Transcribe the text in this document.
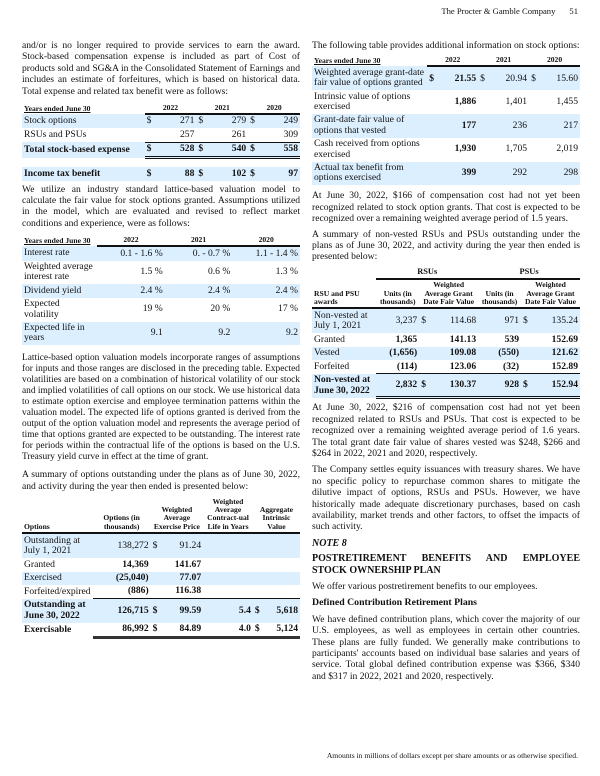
The Procter & Gamble Company 51

and/or is no longer required to provide services to earn the award. Stock-based compensation expense is included as part of Cost of products sold and SG&A in the Consolidated Statement of Earnings and includes an estimate of forfeitures, which is based on historical data. Total expense and related tax benefit were as follows:

Years ended June 30	2022	2021	2020
Stock options	$ 271	$ 279	$ 249

RSUs and PSUs	257	261	309
Total stock-based expense	$ 528	$ 540	$ 558

Income tax benefit	$ 88	$ 102	$ 97

We utilize an industry standard lattice-based valuation model to calculate the fair value for stock options granted. Assumptions utilized in the model, which are evaluated and revised to reflect market conditions and experience, were as follows:

Years ended June 30	2022	2021	2020
Interest rate	0.1 - 1.6 %	0. - 0.7 %	1.1 - 1.4 %
Weighted average interest rate	1.5 %	0.6 %	1.3 %
Dividend yield	2.4 %	2.4 %	2.4 %
Expected volatility	19 %	20 %	17 %
Expected life in years	9.1	9.2	9.2

Lattice-based option valuation models incorporate ranges of assumptions for inputs and those ranges are disclosed in the preceding table. Expected volatilities are based on a combination of historical volatility of our stock and implied volatilities of call options on our stock. We use historical data to estimate option exercise and employee termination patterns within the valuation model. The expected life of options granted is derived from the output of the option valuation model and represents the average period of time that options granted are expected to be outstanding. The interest rate for periods within the contractual life of the options is based on the U.S. Treasury yield curve in effect at the time of grant.

A summary of options outstanding under the plans as of June 30, 2022, and activity during the year then ended is presented below:

Options	Options (in thousands)	Weighted Average Exercise Price	Weighted Average Contract-ual Life in Years	Aggregate Intrinsic Value
Outstanding at July 1, 2021	138,272	$ 91.24		

Granted	14,369	141.67		
Exercised	(25,040)	77.07		
Forfeited/expired	(886)	116.38		
Outstanding at June 30, 2022	126,715	$ 99.59	5.4	$ 5,618

Exercisable	86,992	$ 84.89	4.0	$ 5,124

The following table provides additional information on stock options:

Years ended June 30	2022	2021	2020
Weighted average grant-date fair value of options granted	$ 21.55	$ 20.94	$ 15.60

Intrinsic value of options exercised	1,886	1,401	1,455
Grant-date fair value of options that vested	177	236	217
Cash received from options exercised	1,930	1,705	2,019
Actual tax benefit from options exercised	399	292	298

At June 30, 2022, $166 of compensation cost had not yet been recognized related to stock option grants. That cost is expected to be recognized over a remaining weighted average period of 1.5 years.

A summary of non-vested RSUs and PSUs outstanding under the plans as of June 30, 2022, and activity during the year then ended is presented below:

	RSUs		PSUs	
RSU and PSU awards	Units (in thousands)	Weighted Average Grant Date Fair Value	Units (in thousands)	Weighted Average Grant Date Fair Value
Non-vested at July 1, 2021	3,237	$ 114.68	971	$ 135.24

Granted	1,365	141.13	539	152.69
Vested	(1,656)	109.08	(550)	121.62
Forfeited	(114)	123.06	(32)	152.89
Non-vested at June 30, 2022	2,832	$ 130.37	928	$ 152.94

At June 30, 2022, $216 of compensation cost had not yet been recognized related to RSUs and PSUs. That cost is expected to be recognized over a remaining weighted average period of 1.6 years. The total grant date fair value of shares vested was $248, $266 and $264 in 2022, 2021 and 2020, respectively.

The Company settles equity issuances with treasury shares. We have no specific policy to repurchase common shares to mitigate the dilutive impact of options, RSUs and PSUs. However, we have historically made adequate discretionary purchases, based on cash availability, market trends and other factors, to offset the impacts of such activity.

NOTE 8
POSTRETIREMENT BENEFITS AND EMPLOYEE
STOCK OWNERSHIP PLAN

We offer various postretirement benefits to our employees.

Defined Contribution Retirement Plans

We have defined contribution plans, which cover the majority of our U.S. employees, as well as employees in certain other countries. These plans are fully funded. We generally make contributions to participants' accounts based on individual base salaries and years of service. Total global defined contribution expense was $366, $340 and $317 in 2022, 2021 and 2020, respectively.

Amounts in millions of dollars except per share amounts or as otherwise specified.
